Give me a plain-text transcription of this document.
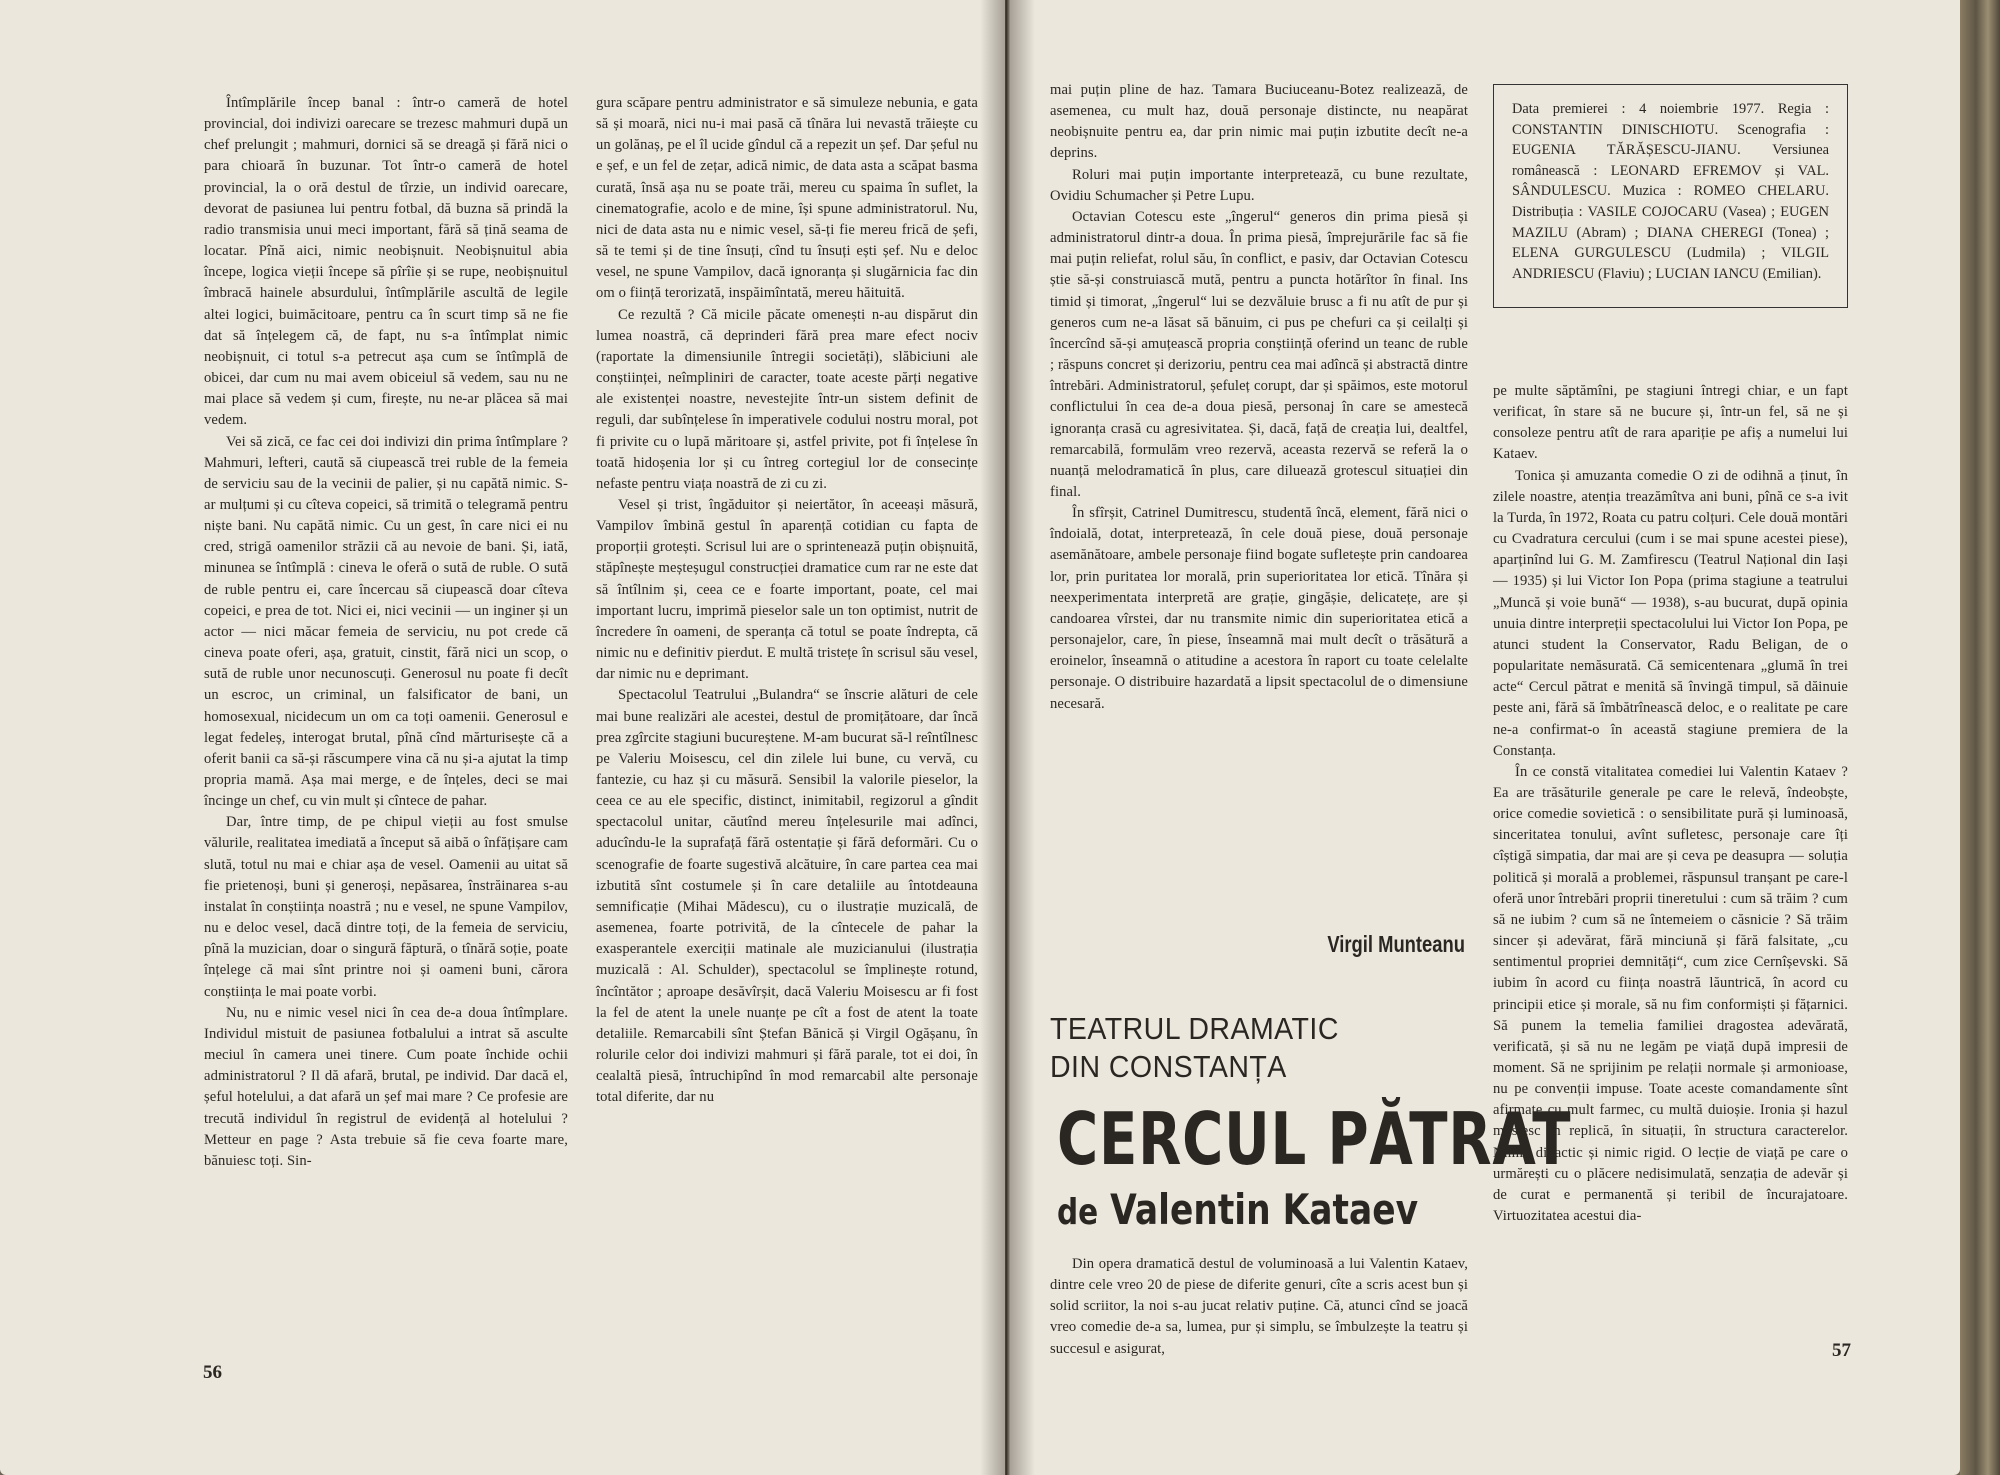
Întîmplările încep banal : într-o cameră de hotel provincial, doi indivizi oarecare se trezesc mahmuri după un chef prelungit ; mahmuri, dornici să se dreagă și fără nici o para chioară în buzunar. Tot într-o cameră de hotel provincial, la o oră destul de tîrzie, un individ oarecare, devorat de pasiunea lui pentru fotbal, dă buzna să prindă la radio transmisia unui meci important, fără să țină seama de locatar. Pînă aici, nimic neobișnuit. Neobișnuitul abia începe, logica vieții începe să pîrîie și se rupe, neobișnuitul îmbracă hainele absurdului, întîmplările ascultă de legile altei logici, buimăcitoare, pentru ca în scurt timp să ne fie dat să înțelegem că, de fapt, nu s-a întîmplat nimic neobișnuit, ci totul s-a petrecut așa cum se întîmplă de obicei, dar cum nu mai avem obiceiul să vedem, sau nu ne mai place să vedem și cum, firește, nu ne-ar plăcea să mai vedem.

Vei să zică, ce fac cei doi indivizi din prima întîmplare ? Mahmuri, lefteri, caută să ciupească trei ruble de la femeia de serviciu sau de la vecinii de palier, și nu capătă nimic. S-ar mulțumi și cu cîteva copeici, să trimită o telegramă pentru niște bani. Nu capătă nimic. Cu un gest, în care nici ei nu cred, strigă oamenilor străzii că au nevoie de bani. Și, iată, minunea se întîmplă : cineva le oferă o sută de ruble. O sută de ruble pentru ei, care încercau să ciupească doar cîteva copeici, e prea de tot. Nici ei, nici vecinii — un inginer și un actor — nici măcar femeia de serviciu, nu pot crede că cineva poate oferi, așa, gratuit, cinstit, fără nici un scop, o sută de ruble unor necunoscuți. Generosul nu poate fi decît un escroc, un criminal, un falsificator de bani, un homosexual, nicidecum un om ca toți oamenii. Generosul e legat fedeleș, interogat brutal, pînă cînd mărturisește că a oferit banii ca să-și răscumpere vina că nu și-a ajutat la timp propria mamă. Așa mai merge, e de înțeles, deci se mai încinge un chef, cu vin mult și cîntece de pahar.

Dar, între timp, de pe chipul vieții au fost smulse vălurile, realitatea imediată a început să aibă o înfățișare cam slută, totul nu mai e chiar așa de vesel. Oamenii au uitat să fie prietenoși, buni și generoși, nepăsarea, înstrăinarea s-au instalat în conștiința noastră ; nu e vesel, ne spune Vampilov, nu e deloc vesel, dacă dintre toți, de la femeia de serviciu, pînă la muzician, doar o singură făptură, o tînără soție, poate înțelege că mai sînt printre noi și oameni buni, cărora conștiința le mai poate vorbi.

Nu, nu e nimic vesel nici în cea de-a doua întîmplare. Individul mistuit de pasiunea fotbalului a intrat să asculte meciul în camera unei tinere. Cum poate închide ochii administratorul ? Il dă afară, brutal, pe individ. Dar dacă el, șeful hotelului, a dat afară un șef mai mare ? Ce profesie are trecută individul în registrul de evidență al hotelului ? Metteur en page ? Asta trebuie să fie ceva foarte mare, bănuiesc toți. Sin-

gura scăpare pentru administrator e să simuleze nebunia, e gata să și moară, nici nu-i mai pasă că tînăra lui nevastă trăiește cu un golănaș, pe el îl ucide gîndul că a repezit un șef. Dar șeful nu e șef, e un fel de zețar, adică nimic, de data asta a scăpat basma curată, însă așa nu se poate trăi, mereu cu spaima în suflet, la cinematografie, acolo e de mine, își spune administratorul. Nu, nici de data asta nu e nimic vesel, să-ți fie mereu frică de șefi, să te temi și de tine însuți, cînd tu însuți ești șef. Nu e deloc vesel, ne spune Vampilov, dacă ignoranța și slugărnicia fac din om o ființă terorizată, inspăimîntată, mereu hăituită.

Ce rezultă ? Că micile păcate omenești n-au dispărut din lumea noastră, că deprinderi fără prea mare efect nociv (raportate la dimensiunile întregii societăți), slăbiciuni ale conștiinței, neîmpliniri de caracter, toate aceste părți negative ale existenței noastre, nevestejite într-un sistem definit de reguli, dar subînțelese în imperativele codului nostru moral, pot fi privite cu o lupă măritoare și, astfel privite, pot fi înțelese în toată hidoșenia lor și cu întreg cortegiul lor de consecințe nefaste pentru viața noastră de zi cu zi.

Vesel și trist, îngăduitor și neiertător, în aceeași măsură, Vampilov îmbină gestul în aparență cotidian cu fapta de proporții grotești. Scrisul lui are o sprintenează puțin obișnuită, stăpînește meșteșugul construcției dramatice cum rar ne este dat să întîlnim și, ceea ce e foarte important, poate, cel mai important lucru, imprimă pieselor sale un ton optimist, nutrit de încredere în oameni, de speranța că totul se poate îndrepta, că nimic nu e definitiv pierdut. E multă tristețe în scrisul său vesel, dar nimic nu e deprimant.

Spectacolul Teatrului „Bulandra“ se înscrie alături de cele mai bune realizări ale acestei, destul de promițătoare, dar încă prea zgîrcite stagiuni bucureștene. M-am bucurat să-l reîntîlnesc pe Valeriu Moisescu, cel din zilele lui bune, cu vervă, cu fantezie, cu haz și cu măsură. Sensibil la valorile pieselor, la ceea ce au ele specific, distinct, inimitabil, regizorul a gîndit spectacolul unitar, căutînd mereu înțelesurile mai adînci, aducîndu-le la suprafață fără ostentație și fără deformări. Cu o scenografie de foarte sugestivă alcătuire, în care partea cea mai izbutită sînt costumele și în care detaliile au întotdeauna semnificație (Mihai Mădescu), cu o ilustrație muzicală, de asemenea, foarte potrivită, de la cîntecele de pahar la exasperantele exerciții matinale ale muzicianului (ilustrația muzicală : Al. Schulder), spectacolul se împlinește rotund, încîntător ; aproape desăvîrșit, dacă Valeriu Moisescu ar fi fost la fel de atent la unele nuanțe pe cît a fost de atent la toate detaliile. Remarcabili sînt Ștefan Bănică și Virgil Ogășanu, în rolurile celor doi indivizi mahmuri și fără parale, tot ei doi, în cealaltă piesă, întruchipînd în mod remarcabil alte personaje total diferite, dar nu

56

mai puțin pline de haz. Tamara Buciuceanu-Botez realizează, de asemenea, cu mult haz, două personaje distincte, nu neapărat neobișnuite pentru ea, dar prin nimic mai puțin izbutite decît ne-a deprins.

Roluri mai puțin importante interpretează, cu bune rezultate, Ovidiu Schumacher și Petre Lupu.

Octavian Cotescu este „îngerul“ generos din prima piesă și administratorul dintr-a doua. În prima piesă, împrejurările fac să fie mai puțin reliefat, rolul său, în conflict, e pasiv, dar Octavian Cotescu știe să-și construiască mută, pentru a puncta hotărîtor în final. Ins timid și timorat, „îngerul“ lui se dezvăluie brusc a fi nu atît de pur și generos cum ne-a lăsat să bănuim, ci pus pe chefuri ca și ceilalți și încercînd să-și amuțească propria conștiință oferind un teanc de ruble ; răspuns concret și derizoriu, pentru cea mai adîncă și abstractă dintre întrebări. Administratorul, șefuleț corupt, dar și spăimos, este motorul conflictului în cea de-a doua piesă, personaj în care se amestecă ignoranța crasă cu agresivitatea. Și, dacă, față de creația lui, dealtfel, remarcabilă, formulăm vreo rezervă, aceasta rezervă se referă la o nuanță melodramatică în plus, care diluează grotescul situației din final.

În sfîrșit, Catrinel Dumitrescu, studentă încă, element, fără nici o îndoială, dotat, interpretează, în cele două piese, două personaje asemănătoare, ambele personaje fiind bogate sufletește prin candoarea lor, prin puritatea lor morală, prin superioritatea lor etică. Tînăra și neexperimentata interpretă are grație, gingășie, delicatețe, are și candoarea vîrstei, dar nu transmite nimic din superioritatea etică a personajelor, care, în piese, înseamnă mai mult decît o trăsătură a eroinelor, înseamnă o atitudine a acestora în raport cu toate celelalte personaje. O distribuire hazardată a lipsit spectacolul de o dimensiune necesară.

Din opera dramatică destul de voluminoasă a lui Valentin Kataev, dintre cele vreo 20 de piese de diferite genuri, cîte a scris acest bun și solid scriitor, la noi s-au jucat relativ puține. Că, atunci cînd se joacă vreo comedie de-a sa, lumea, pur și simplu, se îmbulzește la teatru și succesul e asigurat,

pe multe săptămîni, pe stagiuni întregi chiar, e un fapt verificat, în stare să ne bucure și, într-un fel, să ne și consoleze pentru atît de rara apariție pe afiș a numelui lui Kataev.

Tonica și amuzanta comedie O zi de odihnă a ținut, în zilele noastre, atenția treazămîtva ani buni, pînă ce s-a ivit la Turda, în 1972, Roata cu patru colțuri. Cele două montări cu Cvadratura cercului (cum i se mai spune acestei piese), aparținînd lui G. M. Zamfirescu (Teatrul Național din Iași — 1935) și lui Victor Ion Popa (prima stagiune a teatrului „Muncă și voie bună“ — 1938), s-au bucurat, după opinia unuia dintre interpreții spectacolului lui Victor Ion Popa, pe atunci student la Conservator, Radu Beligan, de o popularitate nemăsurată. Că semicentenara „glumă în trei acte“ Cercul pătrat e menită să învingă timpul, să dăinuie peste ani, fără să îmbătrînească deloc, e o realitate pe care ne-a confirmat-o în această stagiune premiera de la Constanța.

În ce constă vitalitatea comediei lui Valentin Kataev ? Ea are trăsăturile generale pe care le relevă, îndeobște, orice comedie sovietică : o sensibilitate pură și luminoasă, sinceritatea tonului, avînt sufletesc, personaje care îți cîștigă simpatia, dar mai are și ceva pe deasupra — soluția politică și morală a problemei, răspunsul tranșant pe care-l oferă unor întrebări proprii tineretului : cum să trăim ? cum să ne iubim ? cum să ne întemeiem o căsnicie ? Să trăim sincer și adevărat, fără minciună și fără falsitate, „cu sentimentul propriei demnități“, cum zice Cernîșevski. Să iubim în acord cu ființa noastră lăuntrică, în acord cu principii etice și morale, să nu fim conformiști și fățarnici. Să punem la temelia familiei dragostea adevărată, verificată, și să nu ne legăm pe viață după impresii de moment. Să ne sprijinim pe relații normale și armonioase, nu pe convenții impuse. Toate aceste comandamente sînt afirmate cu mult farmec, cu multă duioșie. Ironia și hazul mustesc în replică, în situații, în structura caracterelor. Nimic didactic și nimic rigid. O lecție de viață pe care o urmărești cu o plăcere nedisimulată, senzația de adevăr și de curat e permanentă și teribil de încurajatoare. Virtuozitatea acestui dia-

57

Data premierei : 4 noiembrie 1977. Regia : CONSTANTIN DINISCHIOTU. Scenografia : EUGENIA TĂRĂȘESCU-JIANU. Versiunea românească : LEONARD EFREMOV și VAL. SÂNDULESCU. Muzica : ROMEO CHELARU. Distribuția : VASILE COJOCARU (Vasea) ; EUGEN MAZILU (Abram) ; DIANA CHEREGI (Tonea) ; ELENA GURGULESCU (Ludmila) ; VILGIL ANDRIESCU (Flaviu) ; LUCIAN IANCU (Emilian).

Virgil Munteanu
TEATRUL DRAMATIC
DIN CONSTANȚA
CERCUL PĂTRAT
de Valentin Kataev
